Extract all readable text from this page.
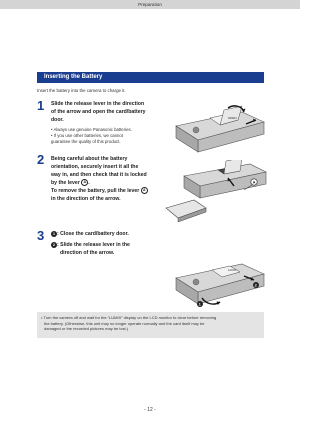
Preparation
Inserting the Battery
Insert the battery into the camera to charge it.
1 Slide the release lever in the direction
of the arrow and open the card/battery
door.
• Always use genuine Panasonic batteries.
• If you use other batteries, we cannot
guarantee the quality of this product.
OPEN
2 Being careful about the battery
orientation, securely insert it all the
way in, and then check that it is locked
by the lever A .
To remove the battery, pull the lever A
in the direction of the arrow.
A
3	1 : Close the card/battery door.
2 : Slide the release lever in the
direction of the arrow.
2
1
LOCK
• Turn the camera off and wait for the “LUMIX” display on the LCD monitor to clear before removing
the battery. (Otherwise, this unit may no longer operate normally and the card itself may be
damaged or the recorded pictures may be lost.)
- 12 -
